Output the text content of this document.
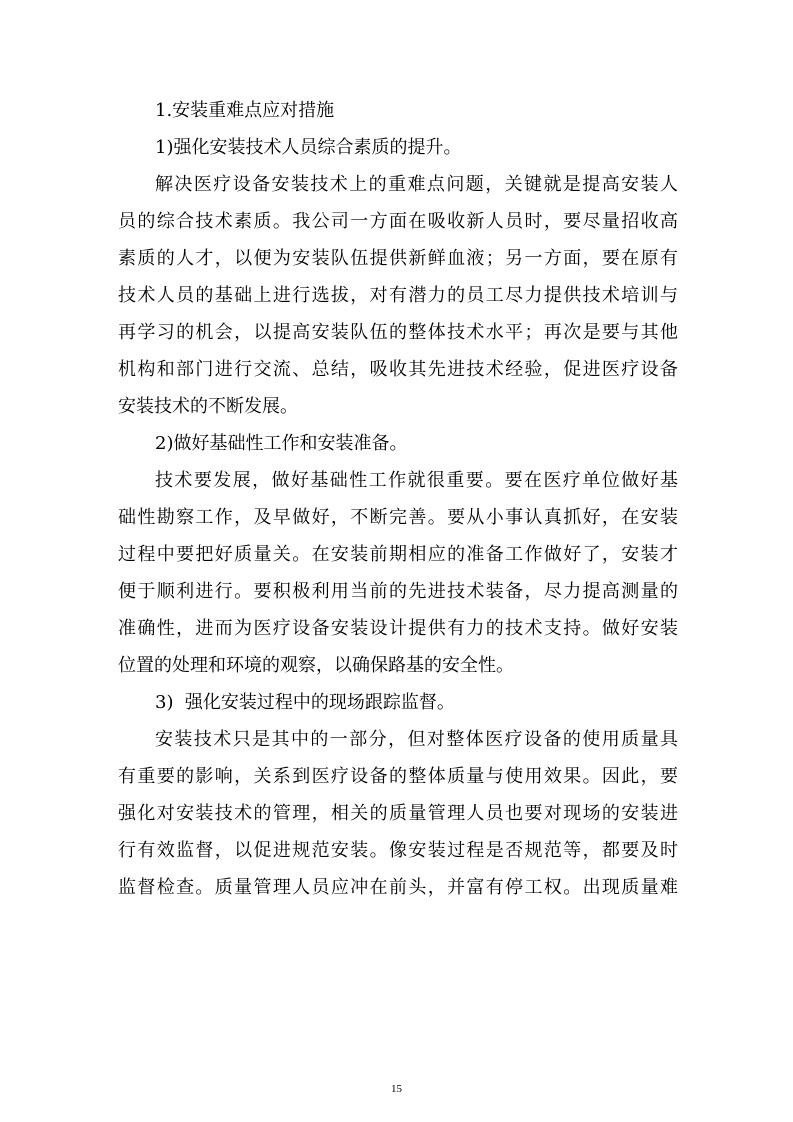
1.安装重难点应对措施

1)强化安装技术人员综合素质的提升。

解决医疗设备安装技术上的重难点问题，关键就是提高安装人
员的综合技术素质。我公司一方面在吸收新人员时，要尽量招收高
素质的人才，以便为安装队伍提供新鲜血液；另一方面，要在原有
技术人员的基础上进行选拔，对有潜力的员工尽力提供技术培训与
再学习的机会，以提高安装队伍的整体技术水平；再次是要与其他
机构和部门进行交流、总结，吸收其先进技术经验，促进医疗设备
安装技术的不断发展。

2)做好基础性工作和安装准备。

技术要发展，做好基础性工作就很重要。要在医疗单位做好基
础性勘察工作，及早做好，不断完善。要从小事认真抓好，在安装
过程中要把好质量关。在安装前期相应的准备工作做好了，安装才
便于顺利进行。要积极利用当前的先进技术装备，尽力提高测量的
准确性，进而为医疗设备安装设计提供有力的技术支持。做好安装
位置的处理和环境的观察，以确保路基的安全性。

3)  强化安装过程中的现场跟踪监督。

安装技术只是其中的一部分，但对整体医疗设备的使用质量具
有重要的影响，关系到医疗设备的整体质量与使用效果。因此，要
强化对安装技术的管理，相关的质量管理人员也要对现场的安装进
行有效监督，以促进规范安装。像安装过程是否规范等，都要及时
监督检查。质量管理人员应冲在前头，并富有停工权。出现质量难
15
